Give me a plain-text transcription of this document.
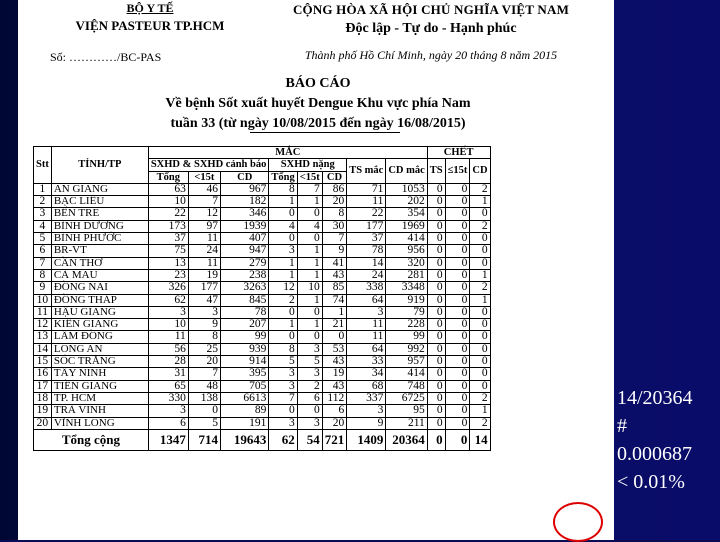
BỘ Y TẾ
VIỆN PASTEUR TP.HCM
Số: …………/BC-PAS
CỘNG HÒA XÃ HỘI CHỦ NGHĨA VIỆT NAM
Độc lập - Tự do - Hạnh phúc
Thành phố Hồ Chí Minh, ngày 20 tháng 8 năm 2015
BÁO CÁO
Về bệnh Sốt xuất huyết Dengue Khu vực phía Nam
tuần 33 (từ ngày 10/08/2015 đến ngày 16/08/2015)
Stt	TỈNH/TP	MẮC								CHẾT		
		SXHD & SXHD cảnh báo			SXHD nặng			TS mắc	CD mắc	TS	≤15t	CD
		Tổng	<15t	CD	Tổng	<15t	CD					
1	AN GIANG	63	46	967	8	7	86	71	1053	0	0	2
2	BẠC LIÊU	10	7	182	1	1	20	11	202	0	0	1
3	BẾN TRE	22	12	346	0	0	8	22	354	0	0	0
4	BÌNH DƯƠNG	173	97	1939	4	4	30	177	1969	0	0	2
5	BÌNH PHƯỚC	37	11	407	0	0	7	37	414	0	0	0
6	BR-VT	75	24	947	3	1	9	78	956	0	0	0
7	CẦN THƠ	13	11	279	1	1	41	14	320	0	0	0
8	CÀ MAU	23	19	238	1	1	43	24	281	0	0	1
9	ĐỒNG NAI	326	177	3263	12	10	85	338	3348	0	0	2
10	ĐỒNG THÁP	62	47	845	2	1	74	64	919	0	0	1
11	HẬU GIANG	3	3	78	0	0	1	3	79	0	0	0
12	KIÊN GIANG	10	9	207	1	1	21	11	228	0	0	0
13	LÂM ĐỒNG	11	8	99	0	0	0	11	99	0	0	0
14	LONG AN	56	25	939	8	3	53	64	992	0	0	0
15	SÓC TRĂNG	28	20	914	5	5	43	33	957	0	0	0
16	TÂY NINH	31	7	395	3	3	19	34	414	0	0	0
17	TIỀN GIANG	65	48	705	3	2	43	68	748	0	0	0
18	TP. HCM	330	138	6613	7	6	112	337	6725	0	0	2
19	TRÀ VINH	3	0	89	0	0	6	3	95	0	0	1
20	VĨNH LONG	6	5	191	3	3	20	9	211	0	0	2
Tổng cộng		1347	714	19643	62	54	721	1409	20364	0	0	14
14/20364
#
0.000687
< 0.01%
